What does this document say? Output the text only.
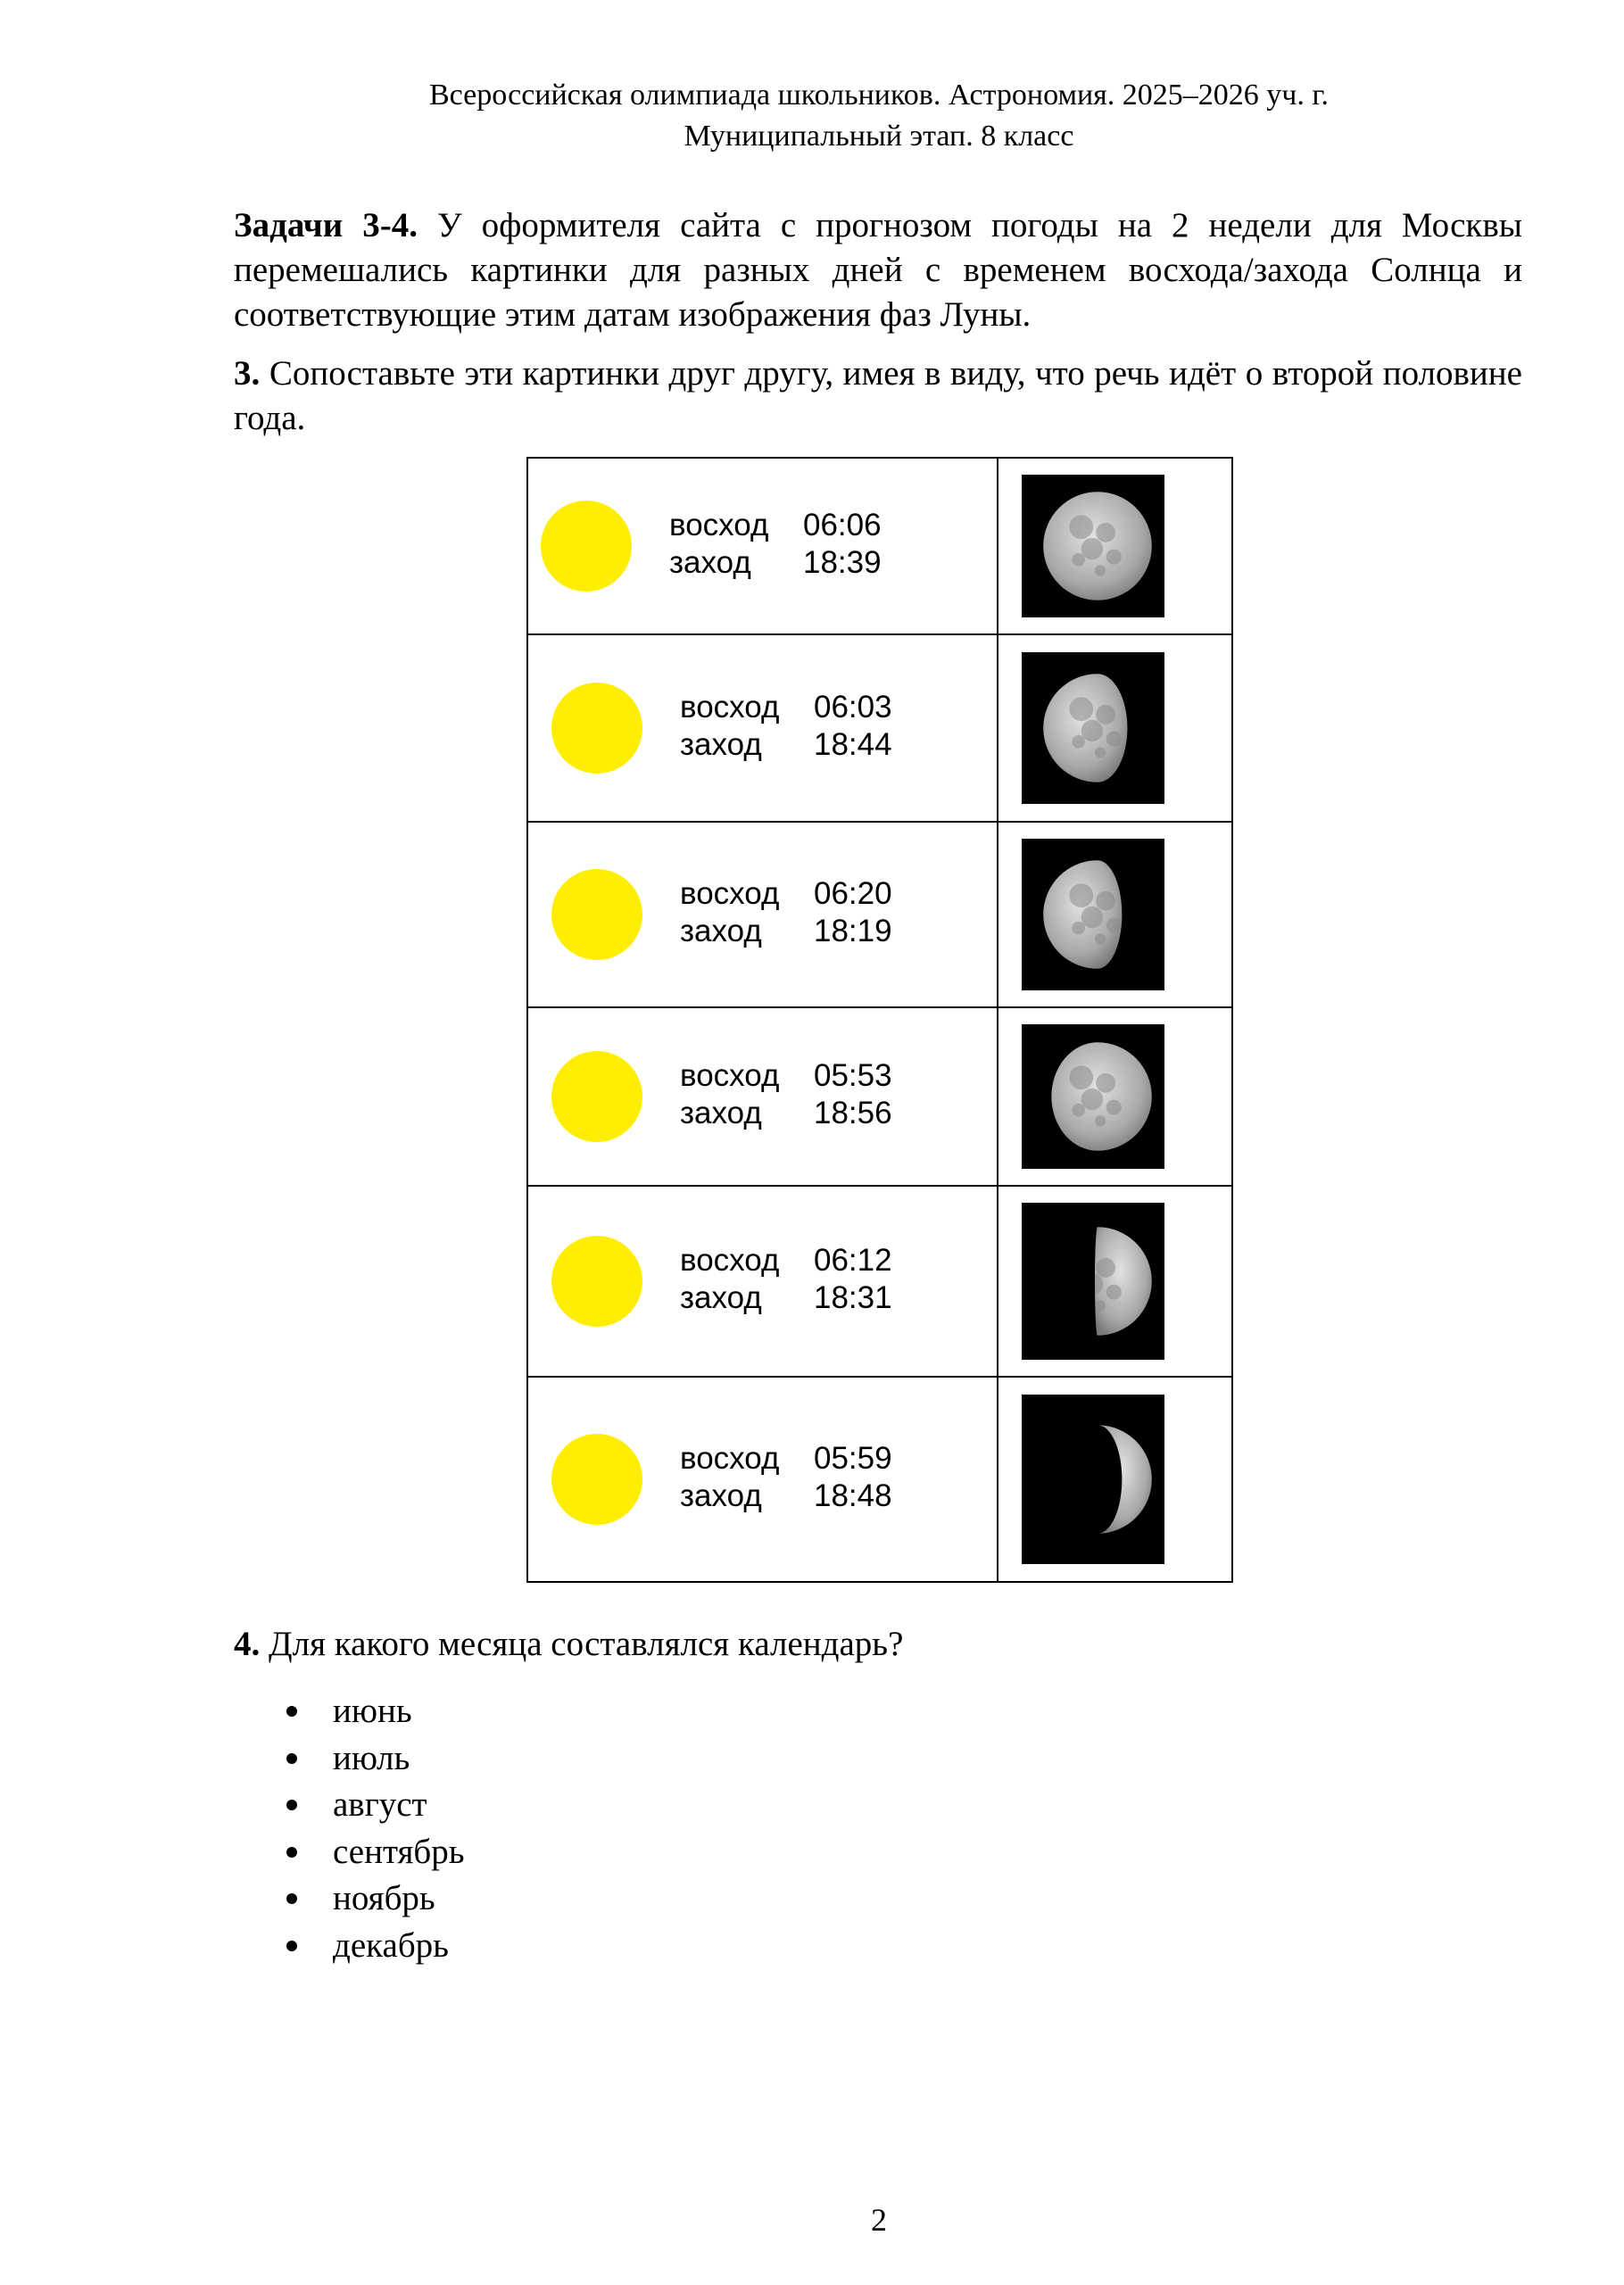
Всероссийская олимпиада школьников. Астрономия. 2025–2026 уч. г.
Муниципальный этап. 8 класс
Задачи 3-4. У оформителя сайта с прогнозом погоды на 2 недели для Москвы перемешались картинки для разных дней с временем восхода/захода Солнца и соответствующие этим датам изображения фаз Луны.
3. Сопоставьте эти картинки друг другу, имея в виду, что речь идёт о второй половине года.
восход 06:06
заход 18:39

восход 06:03
заход 18:44

восход 06:20
заход 18:19

восход 05:53
заход 18:56

восход 06:12
заход 18:31

восход 05:59
заход 18:48

4. Для какого месяца составлялся календарь?
июнь
июль
август
сентябрь
ноябрь
декабрь
2
